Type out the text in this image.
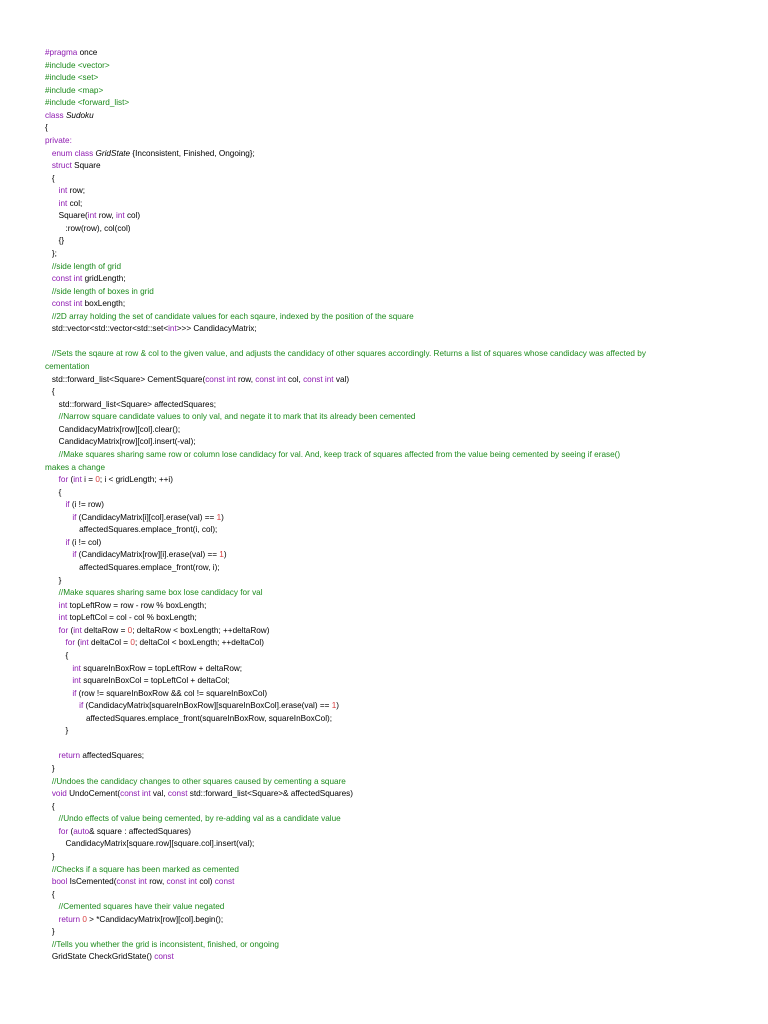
#pragma once
#include <vector>
#include <set>
#include <map>
#include <forward_list>
class Sudoku
{
private:
enum class GridState {Inconsistent, Finished, Ongoing};
struct Square
{
int row;
int col;
Square(int row, int col)
:row(row), col(col)
{}
};
//side length of grid
const int gridLength;
//side length of boxes in grid
const int boxLength;
//2D array holding the set of candidate values for each sqaure, indexed by the position of the square
std::vector<std::vector<std::set<int>>> CandidacyMatrix;
//Sets the sqaure at row & col to the given value, and adjusts the candidacy of other squares accordingly. Returns a list of squares whose candidacy was affected by
cementation
std::forward_list<Square> CementSquare(const int row, const int col, const int val)
{
std::forward_list<Square> affectedSquares;
//Narrow square candidate values to only val, and negate it to mark that its already been cemented
CandidacyMatrix[row][col].clear();
CandidacyMatrix[row][col].insert(-val);
//Make squares sharing same row or column lose candidacy for val. And, keep track of squares affected from the value being cemented by seeing if erase()
makes a change
for (int i = 0; i < gridLength; ++i)
{
if (i != row)
if (CandidacyMatrix[i][col].erase(val) == 1)
affectedSquares.emplace_front(i, col);
if (i != col)
if (CandidacyMatrix[row][i].erase(val) == 1)
affectedSquares.emplace_front(row, i);
}
//Make squares sharing same box lose candidacy for val
int topLeftRow = row - row % boxLength;
int topLeftCol = col - col % boxLength;
for (int deltaRow = 0; deltaRow < boxLength; ++deltaRow)
for (int deltaCol = 0; deltaCol < boxLength; ++deltaCol)
{
int squareInBoxRow = topLeftRow + deltaRow;
int squareInBoxCol = topLeftCol + deltaCol;
if (row != squareInBoxRow && col != squareInBoxCol)
if (CandidacyMatrix[squareInBoxRow][squareInBoxCol].erase(val) == 1)
affectedSquares.emplace_front(squareInBoxRow, squareInBoxCol);
}
return affectedSquares;
}
//Undoes the candidacy changes to other squares caused by cementing a square
void UndoCement(const int val, const std::forward_list<Square>& affectedSquares)
{
//Undo effects of value being cemented, by re-adding val as a candidate value
for (auto& square : affectedSquares)
CandidacyMatrix[square.row][square.col].insert(val);
}
//Checks if a square has been marked as cemented
bool IsCemented(const int row, const int col) const
{
//Cemented squares have their value negated
return 0 > *CandidacyMatrix[row][col].begin();
}
//Tells you whether the grid is inconsistent, finished, or ongoing
GridState CheckGridState() const
